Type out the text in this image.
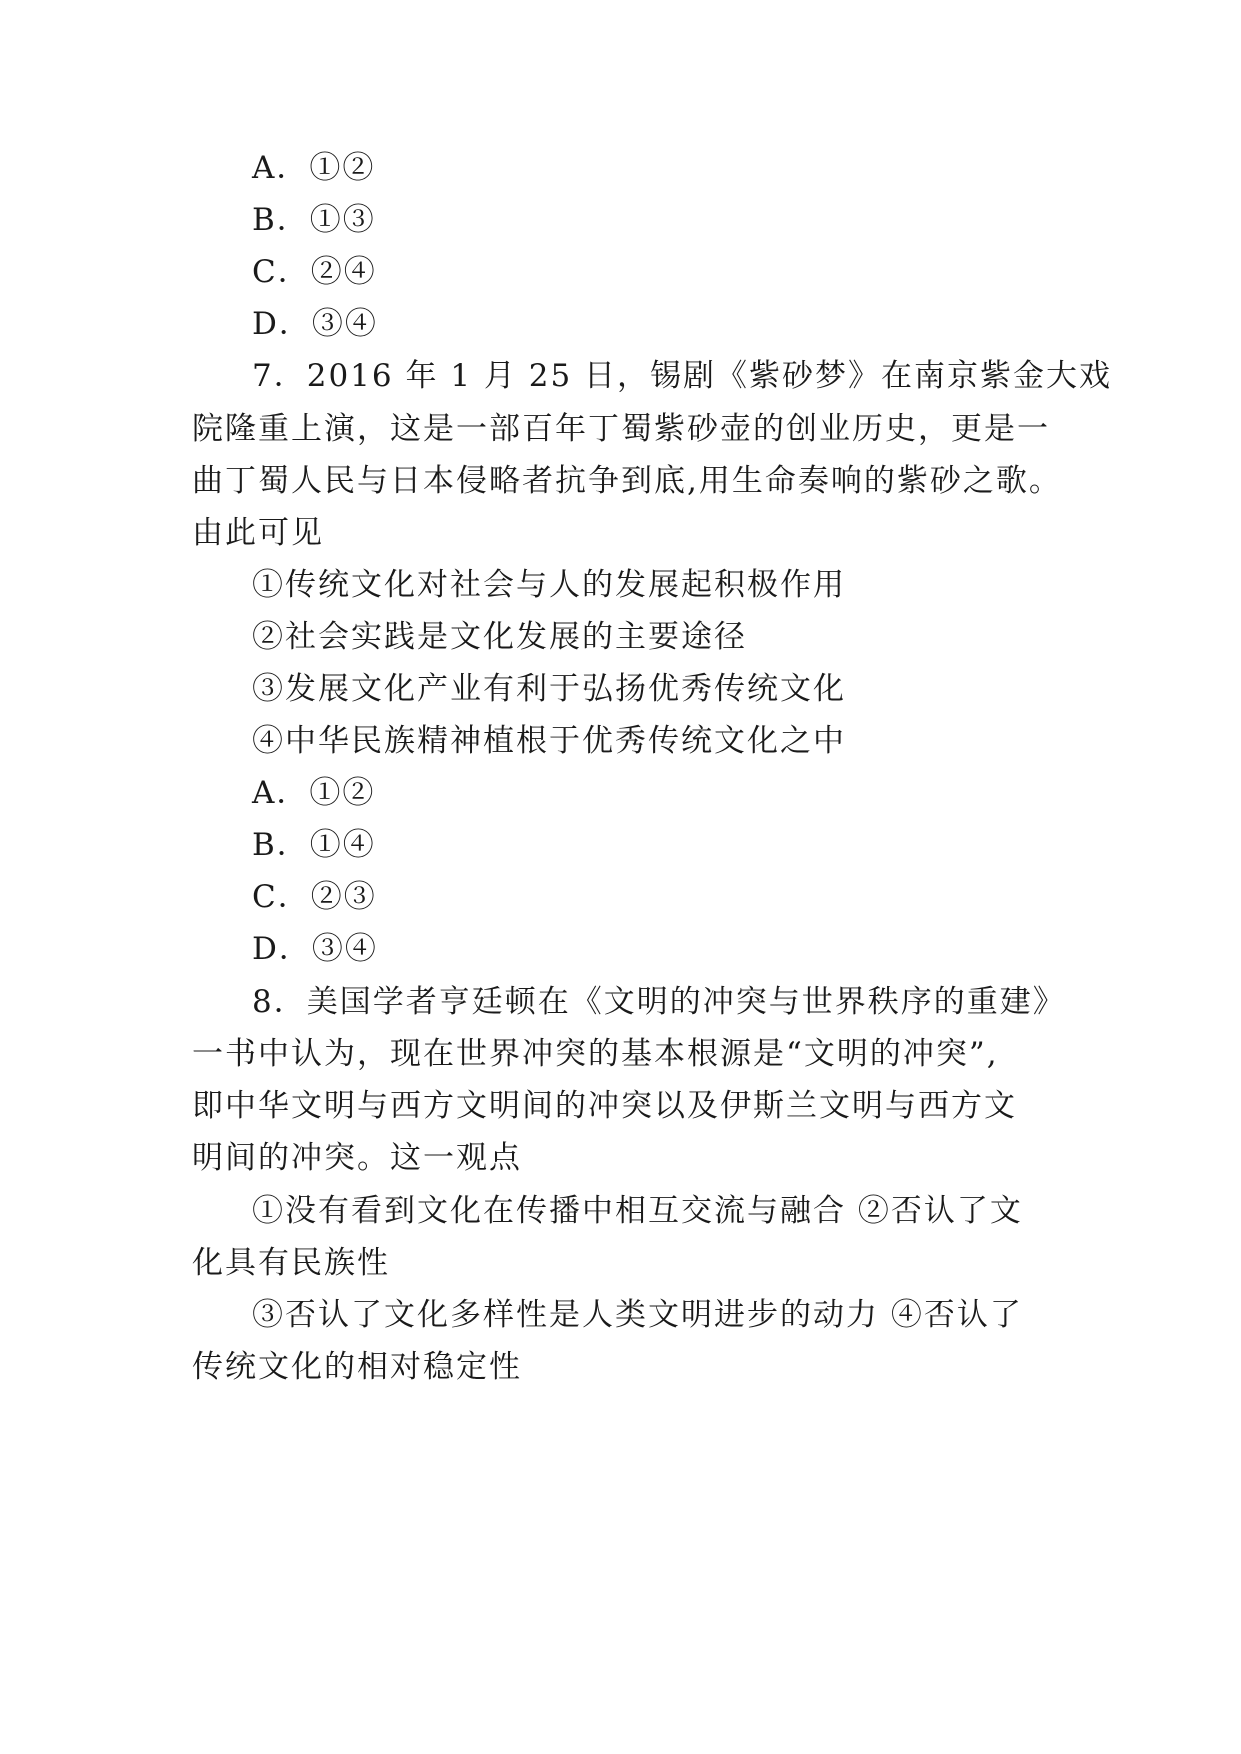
A．①②

B．①③

C．②④

D．③④

7．2016 年 1 月 25 日，锡剧《紫砂梦》在南京紫金大戏

院隆重上演，这是一部百年丁蜀紫砂壶的创业历史，更是一

曲丁蜀人民与日本侵略者抗争到底,用生命奏响的紫砂之歌。

由此可见

①传统文化对社会与人的发展起积极作用

②社会实践是文化发展的主要途径

③发展文化产业有利于弘扬优秀传统文化

④中华民族精神植根于优秀传统文化之中

A．①②

B．①④

C．②③

D．③④

8．美国学者亨廷顿在《文明的冲突与世界秩序的重建》

一书中认为，现在世界冲突的基本根源是“文明的冲突”,

即中华文明与西方文明间的冲突以及伊斯兰文明与西方文

明间的冲突。这一观点

①没有看到文化在传播中相互交流与融合 ②否认了文

化具有民族性

③否认了文化多样性是人类文明进步的动力 ④否认了

传统文化的相对稳定性
